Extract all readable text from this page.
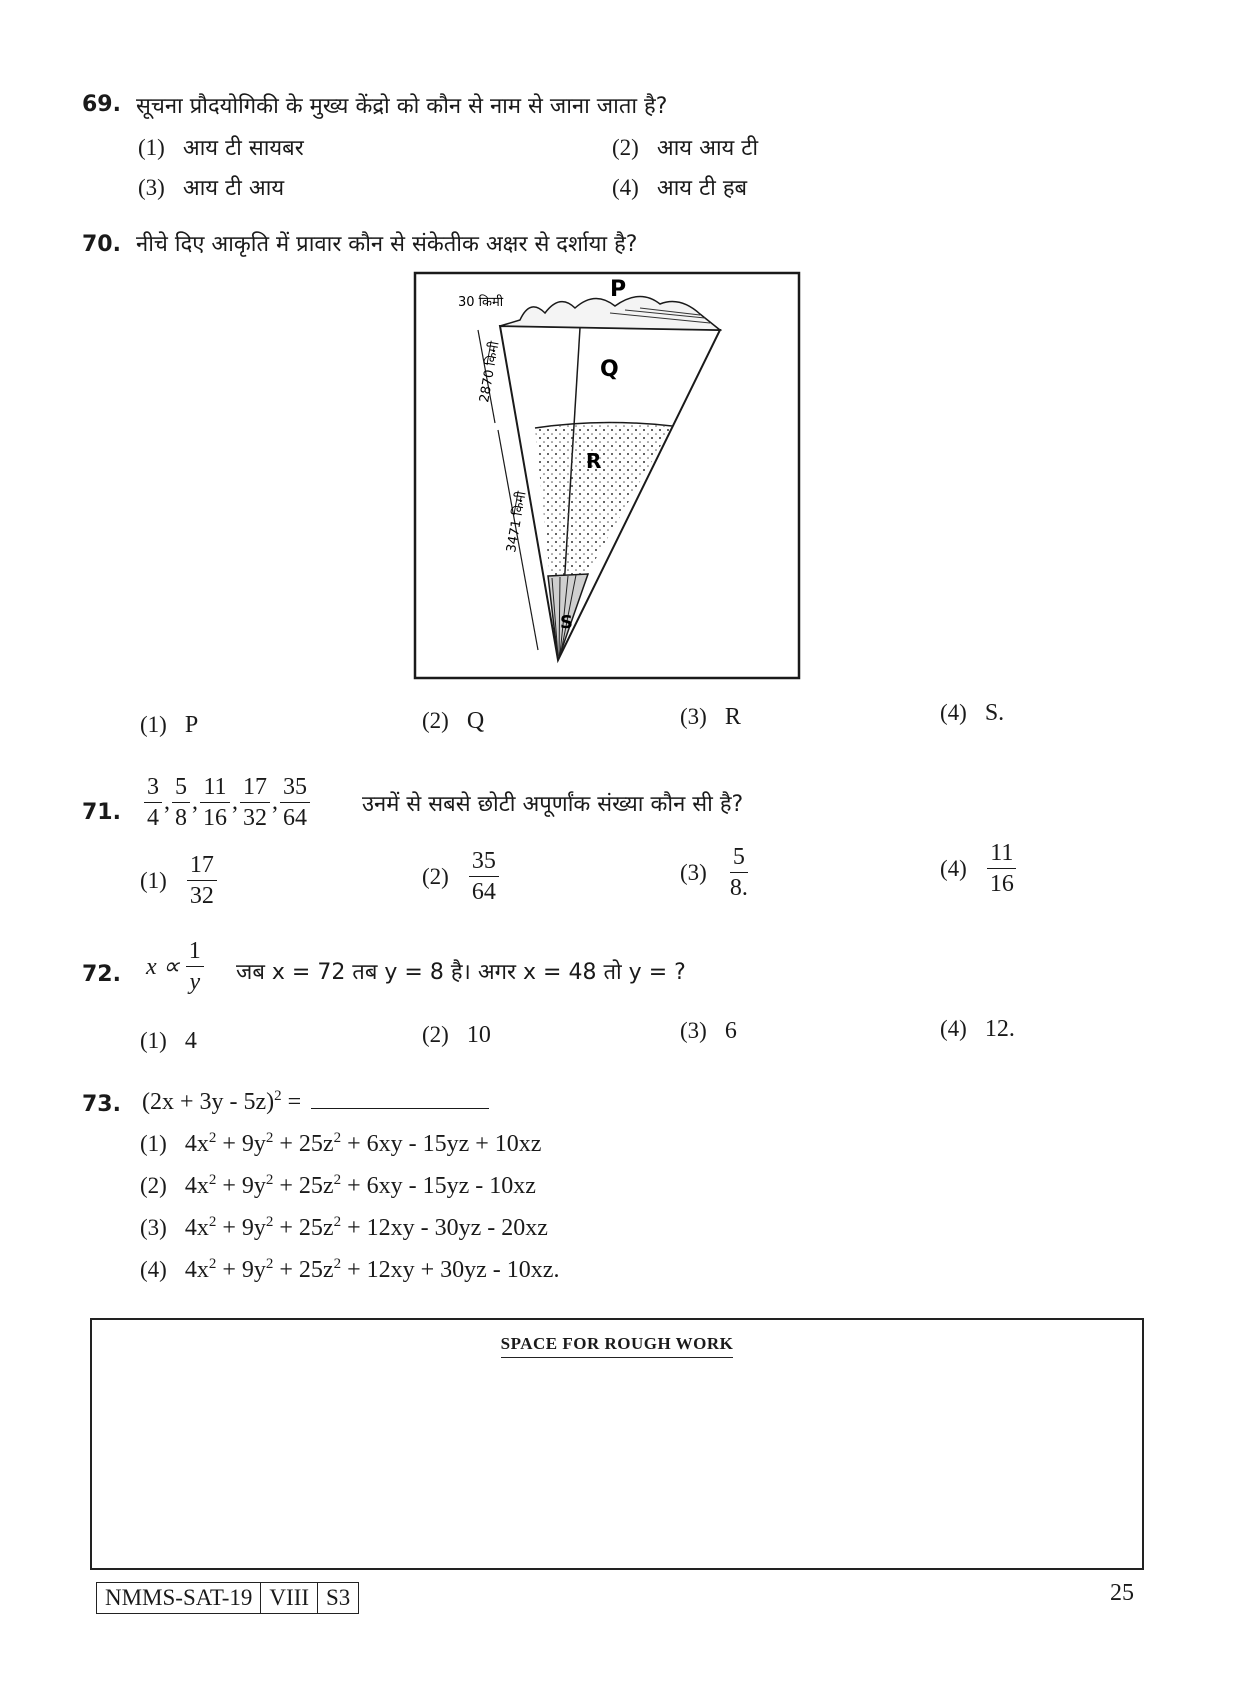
69. सूचना प्रौदयोगिकी के मुख्य केंद्रो को कौन से नाम से जाना जाता है?
(1) आय टी सायबर	(2) आय आय टी
(3) आय टी आय	(4) आय टी हब
70. नीचे दिए आकृति में प्रावार कौन से संकेतीक अक्षर से दर्शाया है?
P
Q
R
S
30 किमी
2870 किमी
3471 किमी
(1) P	(2) Q	(3) R	(4) S.
71. $\frac{3}{4}$ , $\frac{5}{8}$ , $\frac{11}{16}$ , $\frac{17}{32}$ , $\frac{35}{64}$ उनमें से सबसे छोटी अपूर्णांक संख्या कौन सी है?
$(1) \frac{17}{32}$	$(2) \frac{35}{64}$	$(3) \frac{5}{8.}$	$(4) \frac{11}{16}$
72. $x \propto \frac{1}{y}$ जब x = 72 तब y = 8 है। अगर x = 48 तो y = ?
(1) 4	(2) 10	(3) 6	(4) 12.
73. $(2x + 3y - 5z)^2$ =
(1) $4x^2 + 9y^2 + 25z^2 + 6xy - 15yz + 10xz$
(2) $4x^2 + 9y^2 + 25z^2 + 6xy - 15yz - 10xz$
(3) $4x^2 + 9y^2 + 25z^2 + 12xy - 30yz - 20xz$
(4) $4x^2 + 9y^2 + 25z^2 + 12xy + 30yz - 10xz$.
SPACE FOR ROUGH WORK
NMMS-SAT-19 VIII S3	25
